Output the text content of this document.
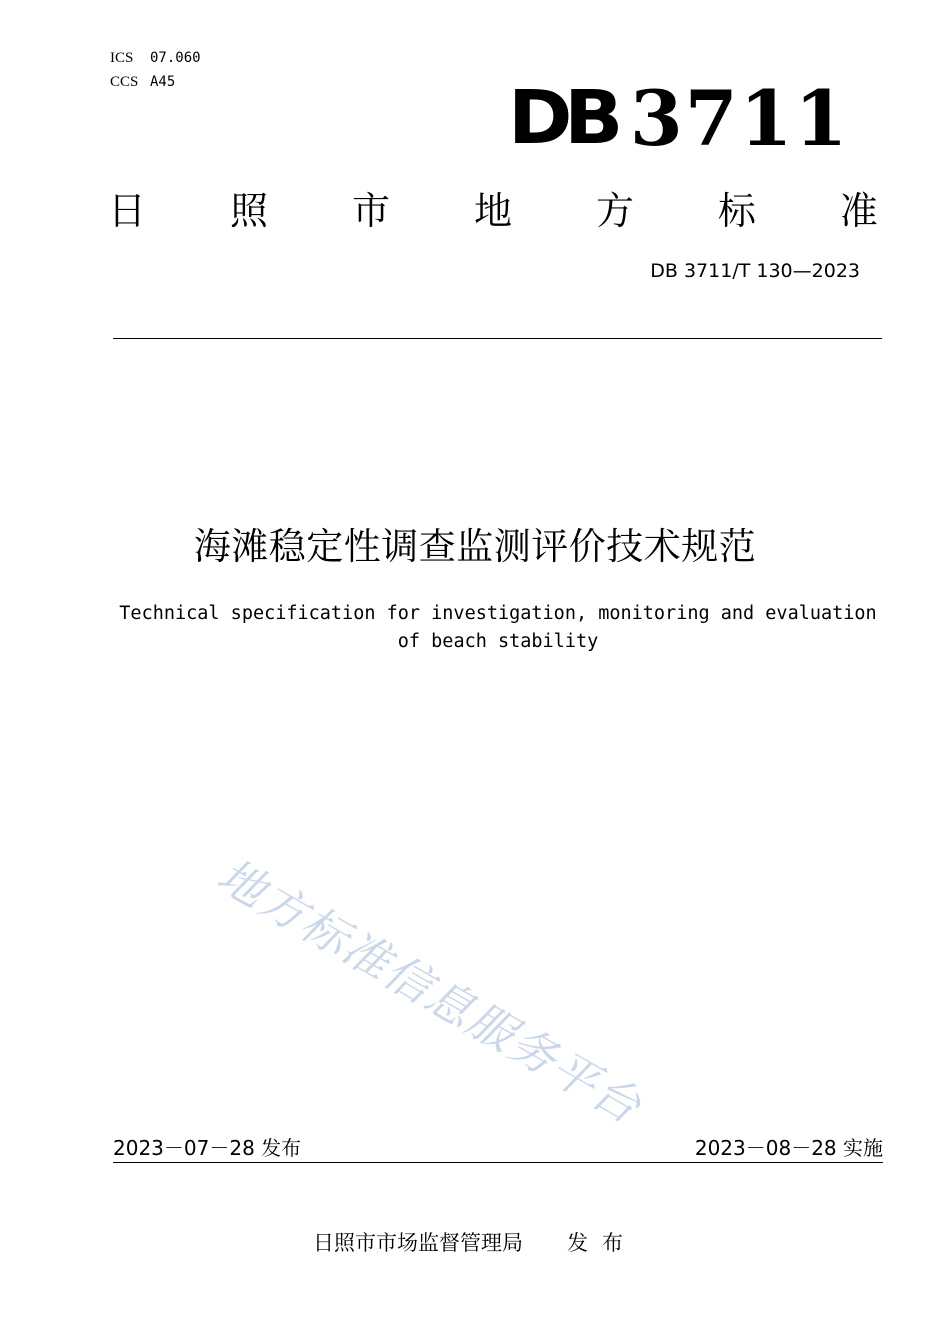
ICS	07.060
CCS A45	DB 3711
日 照 市 地 方 标 准
DB 3711/T 130—2023
海滩稳定性调查监测评价技术规范
Technical specification for investigation, monitoring and evaluation
of beach stability
地方标准信息服务平台
2023－07－28 发布	2023－08－28 实施
日照市市场监督管理局 发布
